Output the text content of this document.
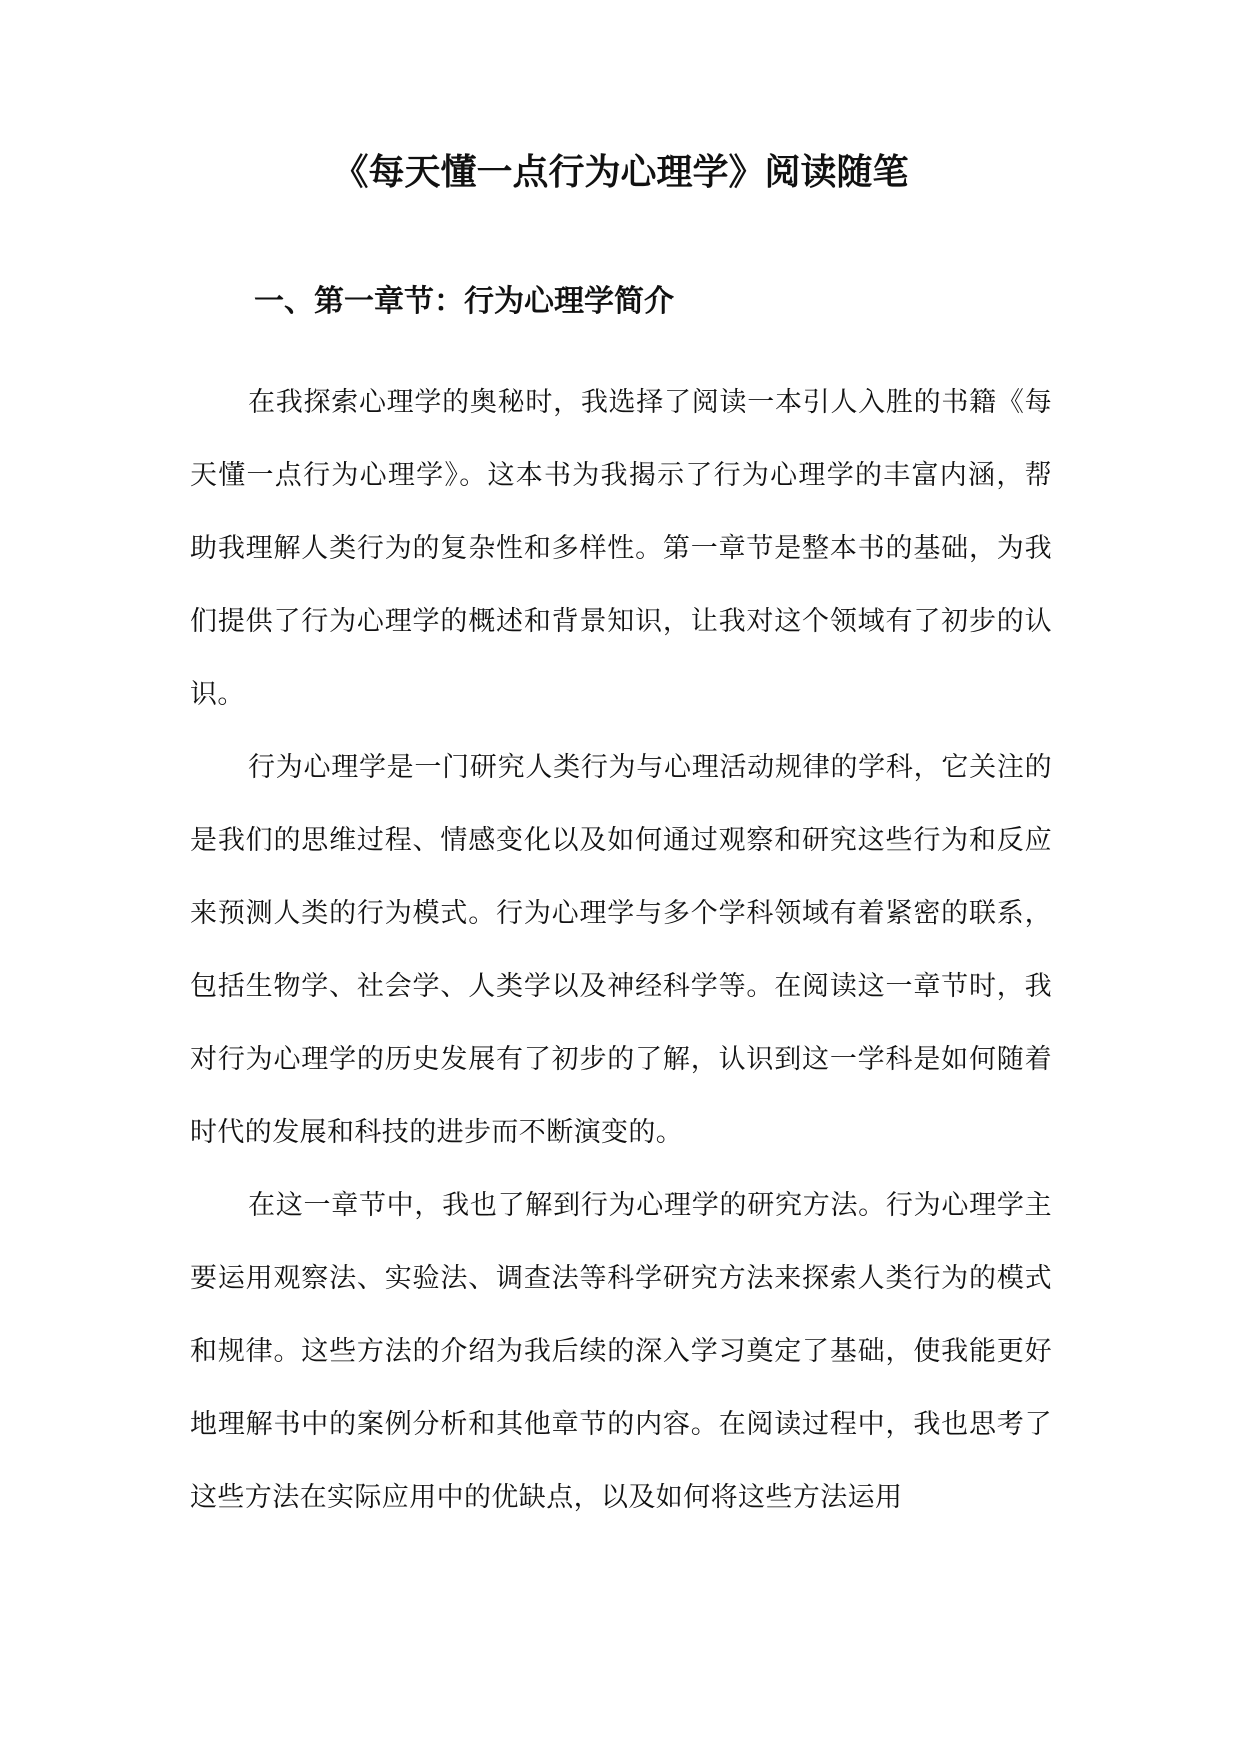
《每天懂一点行为心理学》阅读随笔
一、第一章节：行为心理学简介

在我探索心理学的奥秘时，我选择了阅读一本引人入胜的书籍《每天懂一点行为心理学》。这本书为我揭示了行为心理学的丰富内涵，帮助我理解人类行为的复杂性和多样性。第一章节是整本书的基础，为我们提供了行为心理学的概述和背景知识，让我对这个领域有了初步的认识。

行为心理学是一门研究人类行为与心理活动规律的学科，它关注的是我们的思维过程、情感变化以及如何通过观察和研究这些行为和反应来预测人类的行为模式。行为心理学与多个学科领域有着紧密的联系，包括生物学、社会学、人类学以及神经科学等。在阅读这一章节时，我对行为心理学的历史发展有了初步的了解，认识到这一学科是如何随着时代的发展和科技的进步而不断演变的。

在这一章节中，我也了解到行为心理学的研究方法。行为心理学主要运用观察法、实验法、调查法等科学研究方法来探索人类行为的模式和规律。这些方法的介绍为我后续的深入学习奠定了基础，使我能更好地理解书中的案例分析和其他章节的内容。在阅读过程中，我也思考了这些方法在实际应用中的优缺点，以及如何将这些方法运用
